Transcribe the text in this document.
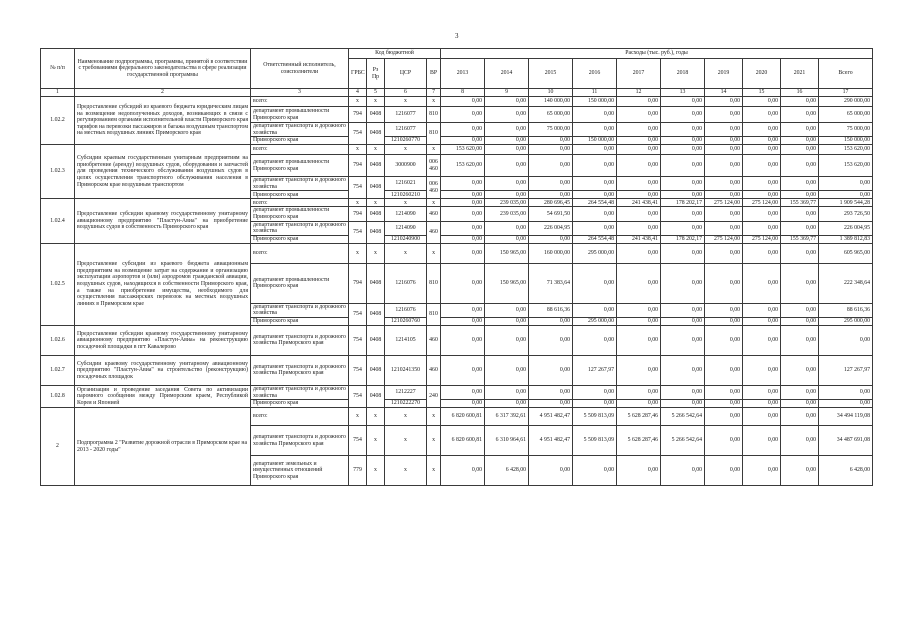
3
№ п/п	Наименование подпрограммы, программы, принятой в соответствии с требованиями федерального законодательства в сфере реализации государственной программы	Ответственный исполнитель, соисполнители	Код бюджетной				Расходы (тыс. руб.), годы									
			ГРБС	Рз Пр	ЦСР	ВР	2013	2014	2015	2016	2017	2018	2019	2020	2021	Всего
1	2	3	4	5	6	7	8	9	10	11	12	13	14	15	16	17
1.02.2	Предоставление субсидий из краевого бюджета юридическим лицам на возмещение недополученных доходов, возникающих в связи с регулированием органами исполнительной власти Приморского края тарифов на перевозки пассажиров и багажа воздушным транспортом на местных воздушных линиях Приморского края	всего:	x	x	x	x	0,00	0,00	140 000,00	150 000,00	0,00	0,00	0,00	0,00	0,00	290 000,00
		департамент промышленности Приморского края	794	0408	1216077	810	0,00	0,00	65 000,00	0,00	0,00	0,00	0,00	0,00	0,00	65 000,00
		департамент транспорта и дорожного хозяйства	754	0408	1216077	810	0,00	0,00	75 000,00	0,00	0,00	0,00	0,00	0,00	0,00	75 000,00
		Приморского края			1210260770		0,00	0,00	0,00	150 000,00	0,00	0,00	0,00	0,00	0,00	150 000,00
1.02.3	Субсидии краевым государственным унитарным предприятиям на приобретение (аренду) воздушных судов, оборудования и запчастей для проведения технического обслуживания воздушных судов в целях осуществления транспортного обслуживания населения в Приморском крае воздушным транспортом	всего:	x	x	x	x	153 620,00	0,00	0,00	0,00	0,00	0,00	0,00	0,00	0,00	153 620,00
		департамент промышленности Приморского края	794	0408	3000900	006 460	153 620,00	0,00	0,00	0,00	0,00	0,00	0,00	0,00	0,00	153 620,00
		департамент транспорта и дорожного хозяйства	754	0408	1216021	006 460	0,00	0,00	0,00	0,00	0,00	0,00	0,00	0,00	0,00	0,00
		Приморского края			1210260210		0,00	0,00	0,00	0,00	0,00	0,00	0,00	0,00	0,00	0,00
1.02.4	Предоставление субсидии краевому государственному унитарному авиационному предприятию "Пластун-Авиа" на приобретение воздушных судов в собственность Приморского края	всего:	x	x	x	x	0,00	239 035,00	280 696,45	264 554,48	241 438,41	178 202,17	275 124,00	275 124,00	155 369,77	1 909 544,28
		департамент промышленности Приморского края	794	0408	1214090	460	0,00	239 035,00	54 691,50	0,00	0,00	0,00	0,00	0,00	0,00	293 726,50
		департамент транспорта и дорожного хозяйства	754	0408	1214090	460	0,00	0,00	226 004,95	0,00	0,00	0,00	0,00	0,00	0,00	226 004,95
		Приморского края			1210240900		0,00	0,00	0,00	264 554,48	241 438,41	178 202,17	275 124,00	275 124,00	155 369,77	1 389 812,83
1.02.5	Предоставление субсидии из краевого бюджета авиационным предприятиям на возмещение затрат на содержание и организацию эксплуатации аэропортов и (или) аэродромов гражданской авиации, воздушных судов, находящихся в собственности Приморского края, а также на приобретение имущества, необходимого для осуществления пассажирских перевозок на местных воздушных линиях в Приморском крае	всего:	x	x	x	x	0,00	150 965,00	160 000,00	295 000,00	0,00	0,00	0,00	0,00	0,00	605 965,00
		департамент промышленности Приморского края	794	0408	1216076	810	0,00	150 965,00	71 383,64	0,00	0,00	0,00	0,00	0,00	0,00	222 348,64
		департамент транспорта и дорожного хозяйства	754	0408	1216076	810	0,00	0,00	88 616,36	0,00	0,00	0,00	0,00	0,00	0,00	88 616,36
		Приморского края			1210260760		0,00	0,00	0,00	295 000,00	0,00	0,00	0,00	0,00	0,00	295 000,00
1.02.6	Предоставление субсидии краевому государственному унитарному авиационному предприятию «Пластун-Авиа» на реконструкцию посадочной площадки в пгт Кавалерово	департамент транспорта и дорожного хозяйства Приморского края	754	0408	1214105	460	0,00	0,00	0,00	0,00	0,00	0,00	0,00	0,00	0,00	0,00
1.02.7	Субсидии краевому государственному унитарному авиационному предприятию "Пластун-Авиа" на строительство (реконструкцию) посадочных площадок	департамент транспорта и дорожного хозяйства Приморского края	754	0408	1210241350	460	0,00	0,00	0,00	127 267,97	0,00	0,00	0,00	0,00	0,00	127 267,97
1.02.8	Организация и проведение заседания Совета по активизации паромного сообщения между Приморским краем, Республикой Корея и Японией	департамент транспорта и дорожного хозяйства	754	0408	1212227	240	0,00	0,00	0,00	0,00	0,00	0,00	0,00	0,00	0,00	0,00
		Приморского края			1210222270		0,00	0,00	0,00	0,00	0,00	0,00	0,00	0,00	0,00	0,00
2	Подпрограмма 2 "Развитие дорожной отрасли в Приморском крае на 2013 - 2020 годы"	всего:	x	x	x	x	6 820 600,81	6 317 392,61	4 951 482,47	5 509 813,09	5 628 287,46	5 266 542,64	0,00	0,00	0,00	34 494 119,08
		департамент транспорта и дорожного хозяйства Приморского края	754	x	x	x	6 820 600,81	6 310 964,61	4 951 482,47	5 509 813,09	5 628 287,46	5 266 542,64	0,00	0,00	0,00	34 487 691,08
		департамент земельных и имущественных отношений Приморского края	779	x	x	x	0,00	6 428,00	0,00	0,00	0,00	0,00	0,00	0,00	0,00	6 428,00
